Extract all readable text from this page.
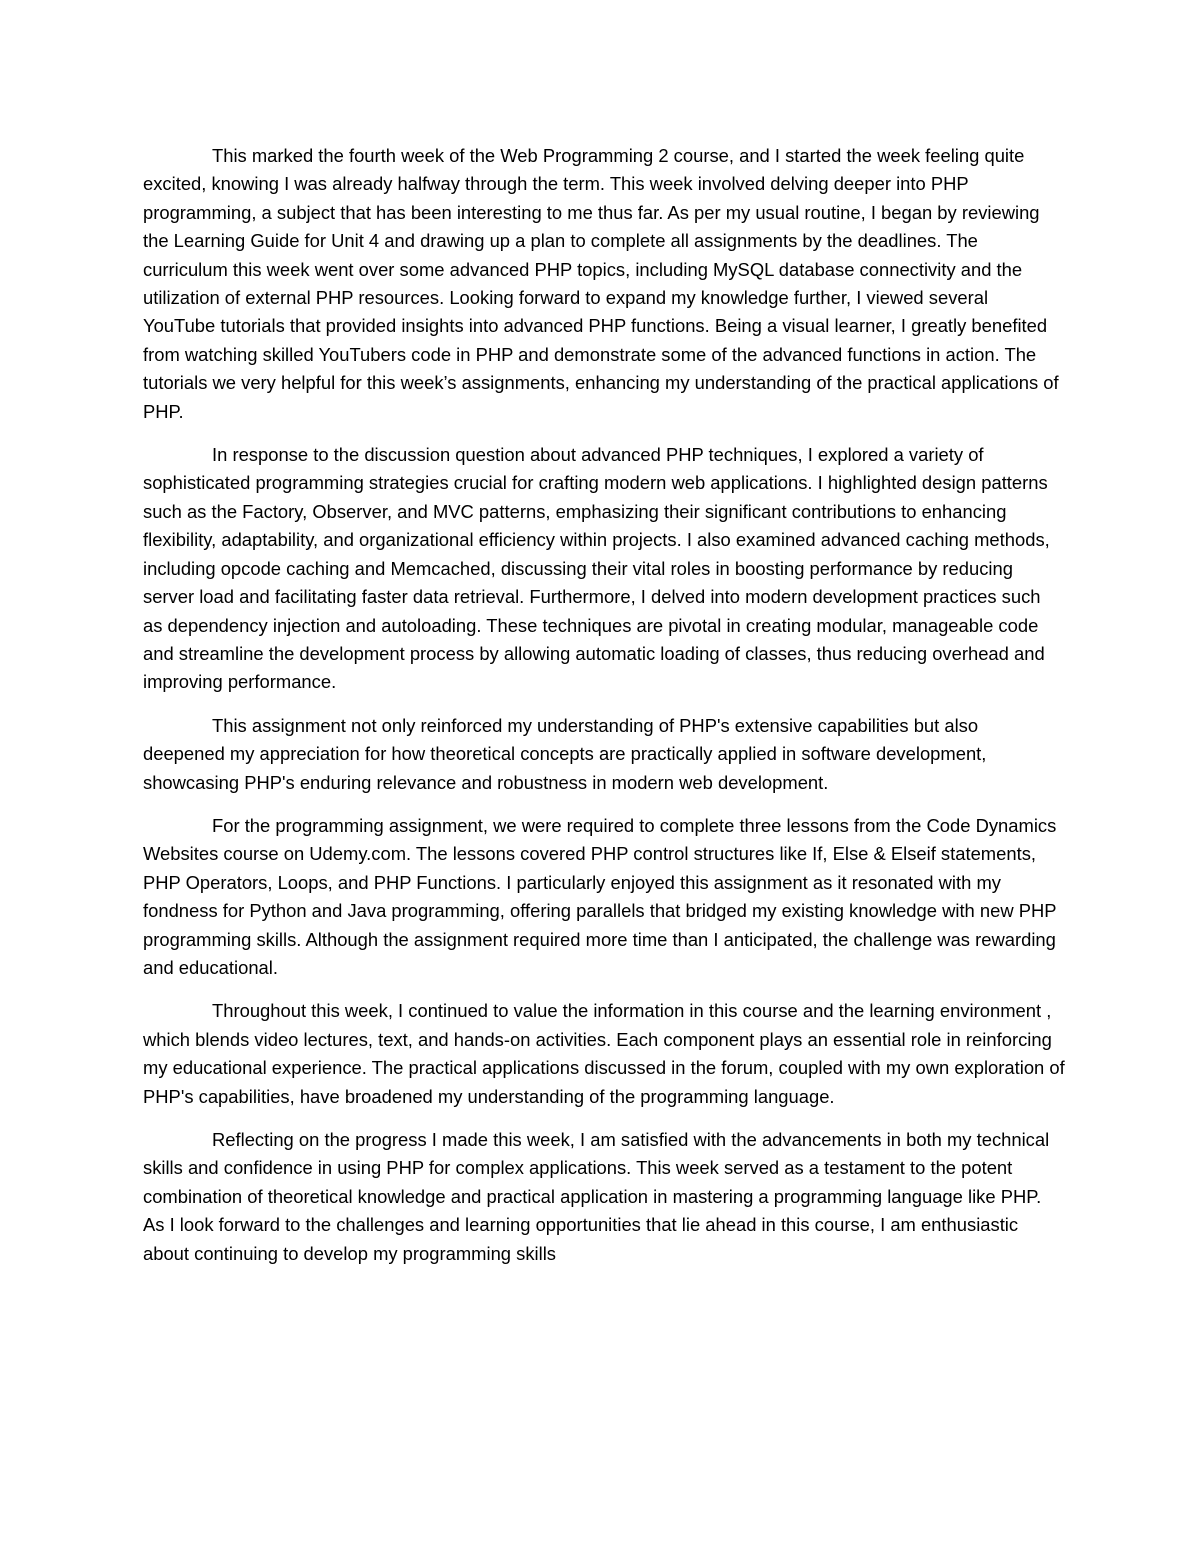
This marked the fourth week of the Web Programming 2 course, and I started the week feeling quite excited, knowing I was already halfway through the term. This week involved delving deeper into PHP programming, a subject that has been interesting to me thus far. As per my usual routine, I began by reviewing the Learning Guide for Unit 4 and drawing up a plan to complete all assignments by the deadlines. The curriculum this week went over some advanced PHP topics, including MySQL database connectivity and the utilization of external PHP resources. Looking forward to expand my knowledge further, I viewed several YouTube tutorials that provided insights into advanced PHP functions. Being a visual learner, I greatly benefited from watching skilled YouTubers code in PHP and demonstrate some of the advanced functions in action. The tutorials we very helpful for this week’s assignments, enhancing my understanding of the practical applications of PHP.

In response to the discussion question about advanced PHP techniques, I explored a variety of sophisticated programming strategies crucial for crafting modern web applications. I highlighted design patterns such as the Factory, Observer, and MVC patterns, emphasizing their significant contributions to enhancing flexibility, adaptability, and organizational efficiency within projects. I also examined advanced caching methods, including opcode caching and Memcached, discussing their vital roles in boosting performance by reducing server load and facilitating faster data retrieval. Furthermore, I delved into modern development practices such as dependency injection and autoloading. These techniques are pivotal in creating modular, manageable code and streamline the development process by allowing automatic loading of classes, thus reducing overhead and improving performance.

This assignment not only reinforced my understanding of PHP's extensive capabilities but also deepened my appreciation for how theoretical concepts are practically applied in software development, showcasing PHP's enduring relevance and robustness in modern web development.

For the programming assignment, we were required to complete three lessons from the Code Dynamics Websites course on Udemy.com. The lessons covered PHP control structures like If, Else & Elseif statements, PHP Operators, Loops, and PHP Functions. I particularly enjoyed this assignment as it resonated with my fondness for Python and Java programming, offering parallels that bridged my existing knowledge with new PHP programming skills. Although the assignment required more time than I anticipated, the challenge was rewarding and educational.

Throughout this week, I continued to value the information in this course and the learning environment , which blends video lectures, text, and hands-on activities. Each component plays an essential role in reinforcing my educational experience. The practical applications discussed in the forum, coupled with my own exploration of PHP's capabilities, have broadened my understanding of the programming language.

Reflecting on the progress I made this week, I am satisfied with the advancements in both my technical skills and confidence in using PHP for complex applications. This week served as a testament to the potent combination of theoretical knowledge and practical application in mastering a programming language like PHP. As I look forward to the challenges and learning opportunities that lie ahead in this course, I am enthusiastic about continuing to develop my programming skills
